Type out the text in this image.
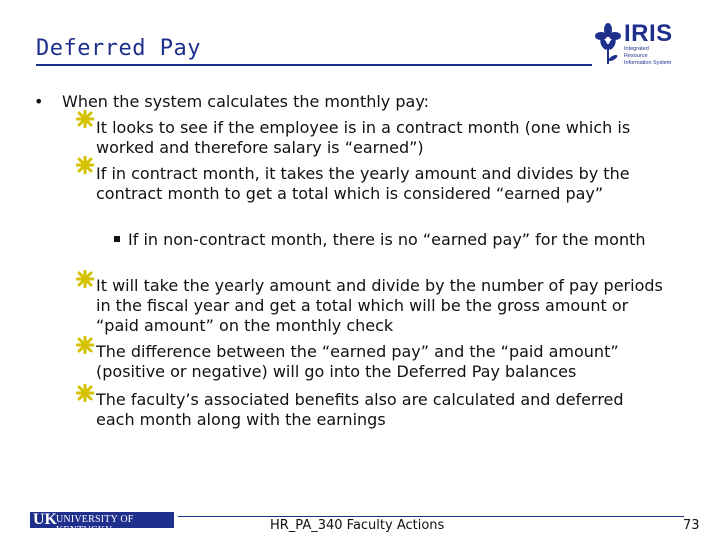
Deferred Pay
IRIS
Integrated Resource Information System
• When the system calculates the monthly pay:
It looks to see if the employee is in a contract month (one which is worked and therefore salary is “earned”)
If in contract month, it takes the yearly amount and divides by the contract month to get a total which is considered “earned pay”
If in non-contract month, there is no “earned pay” for the month
It will take the yearly amount and divide by the number of pay periods in the fiscal year and get a total which will be the gross amount or “paid amount” on the monthly check
The difference between the “earned pay” and the “paid amount” (positive or negative) will go into the Deferred Pay balances
The faculty’s associated benefits also are calculated and deferred each month along with the earnings
UK UNIVERSITY OF KENTUCKY	HR_PA_340 Faculty Actions	73
